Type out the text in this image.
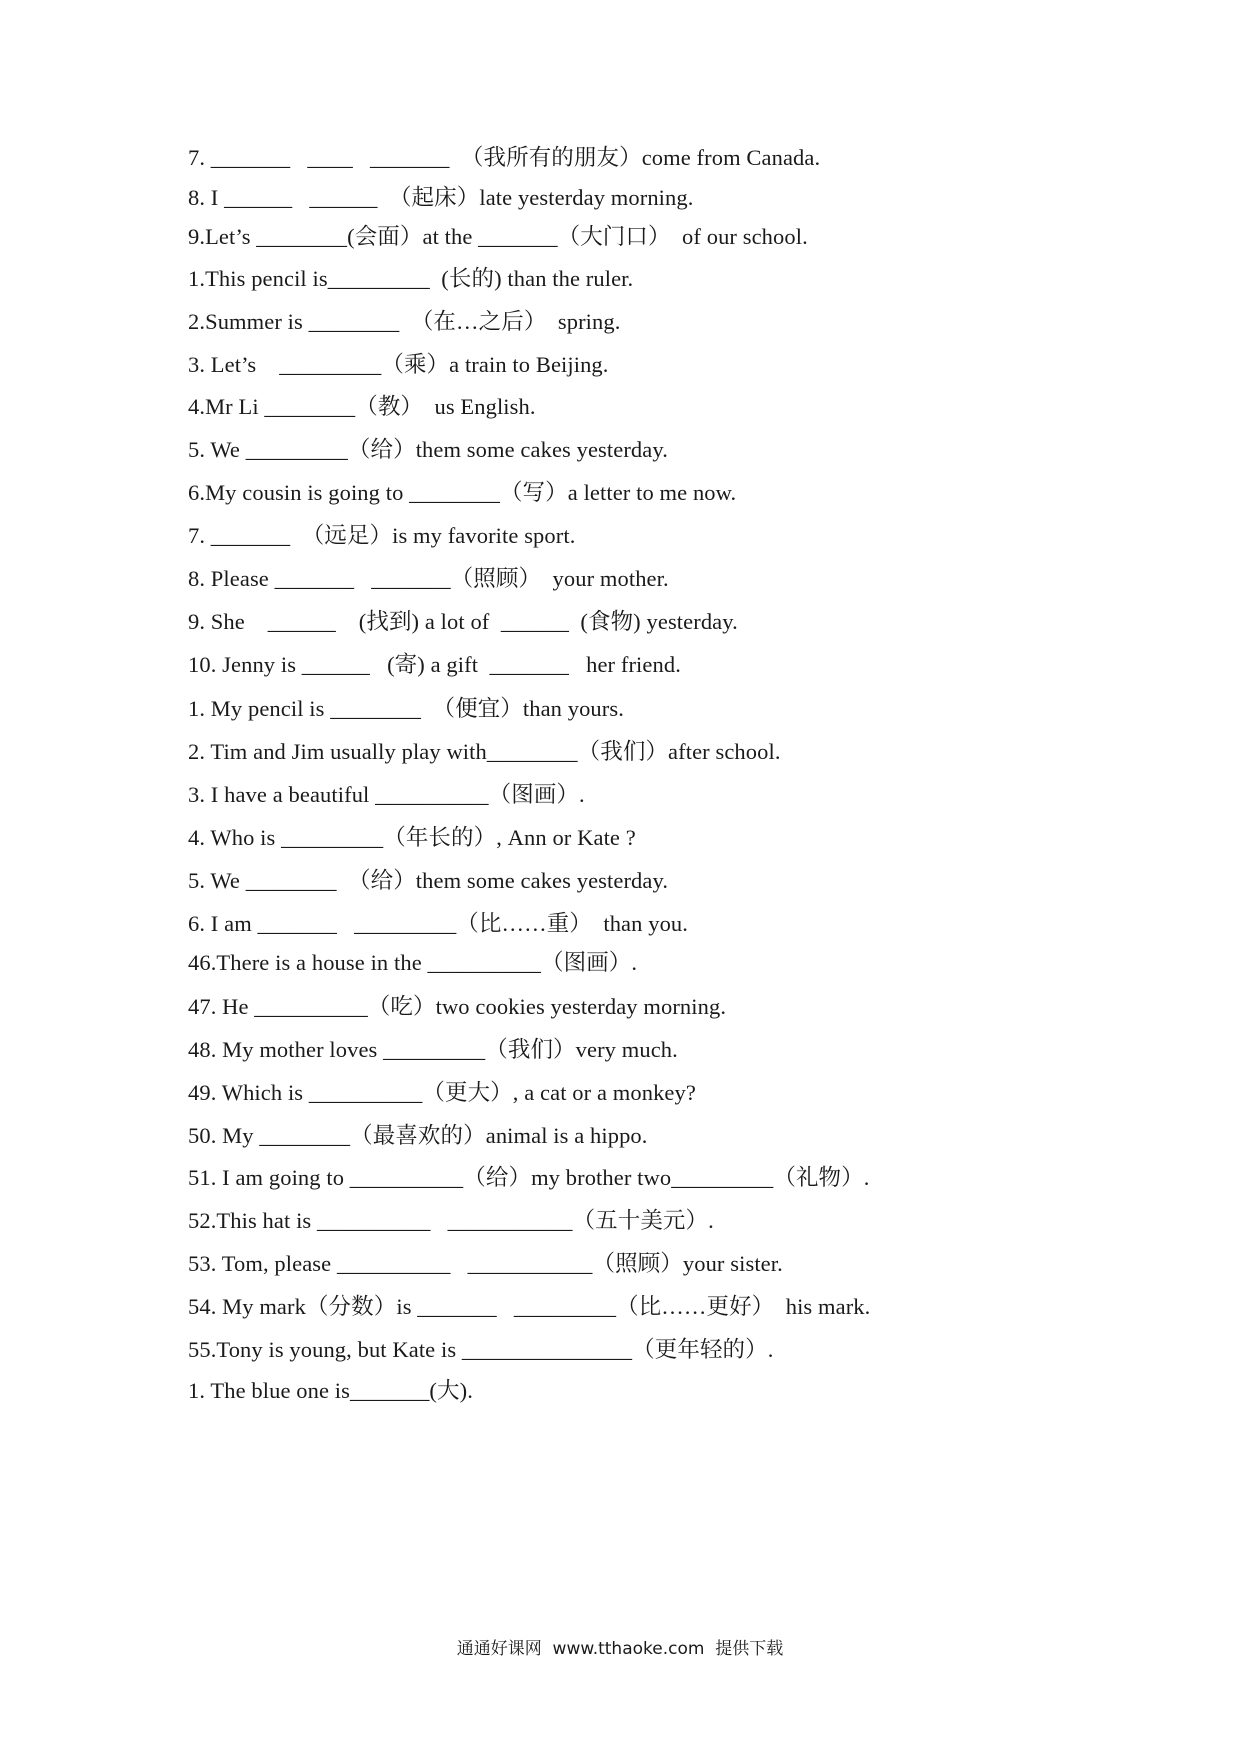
7. _______   ____   _______  （我所有的朋友）come from Canada.
8. I ______   ______  （起床）late yesterday morning.
9.Let’s ________(会面）at the _______（大门口）  of our school.
1.This pencil is_________  (长的) than the ruler.
2.Summer is ________  （在…之后）  spring.
3. Let’s    _________（乘）a train to Beijing.
4.Mr Li ________（教）  us English.
5. We _________（给）them some cakes yesterday.
6.My cousin is going to ________（写）a letter to me now.
7. _______  （远足）is my favorite sport.
8. Please _______   _______（照顾）  your mother.
9. She    ______    (找到) a lot of  ______  (食物) yesterday.
10. Jenny is ______   (寄) a gift  _______   her friend.
1. My pencil is ________  （便宜）than yours.
2. Tim and Jim usually play with________（我们）after school.
3. I have a beautiful __________（图画）.
4. Who is _________（年长的）, Ann or Kate ?
5. We ________  （给）them some cakes yesterday.
6. I am _______   _________（比……重）  than you.
46.There is a house in the __________（图画）.
47. He __________（吃）two cookies yesterday morning.
48. My mother loves _________（我们）very much.
49. Which is __________（更大）, a cat or a monkey?
50. My ________（最喜欢的）animal is a hippo.
51. I am going to __________（给）my brother two_________（礼物）.
52.This hat is __________   ___________（五十美元）.
53. Tom, please __________   ___________（照顾）your sister.
54. My mark（分数）is _______   _________（比……更好）  his mark.
55.Tony is young, but Kate is _______________（更年轻的）.
1. The blue one is_______(大).
通通好课网  www.tthaoke.com  提供下载
